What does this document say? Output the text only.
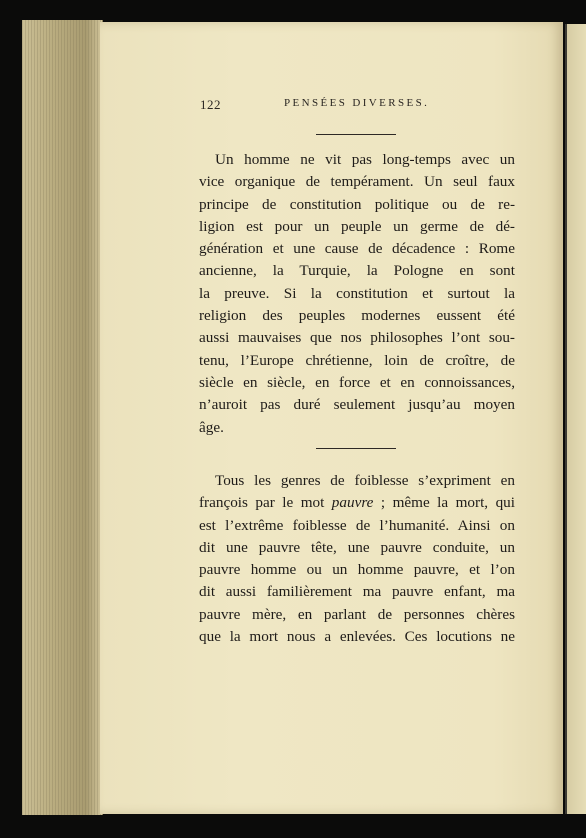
122	PENSÉES DIVERSES.
Un homme ne vit pas long-temps avec un
vice organique de tempérament. Un seul faux
principe de constitution politique ou de re-
ligion est pour un peuple un germe de dé-
génération et une cause de décadence : Rome
ancienne, la Turquie, la Pologne en sont
la preuve. Si la constitution et surtout la
religion des peuples modernes eussent été
aussi mauvaises que nos philosophes l’ont sou-
tenu, l’Europe chrétienne, loin de croître, de
siècle en siècle, en force et en connoissances,
n’auroit pas duré seulement jusqu’au moyen
âge.
Tous les genres de foiblesse s’expriment en
françois par le mot pauvre ; même la mort, qui
est l’extrême foiblesse de l’humanité. Ainsi on
dit une pauvre tête, une pauvre conduite, un
pauvre homme ou un homme pauvre, et l’on
dit aussi familièrement ma pauvre enfant, ma
pauvre mère, en parlant de personnes chères
que la mort nous a enlevées. Ces locutions ne
